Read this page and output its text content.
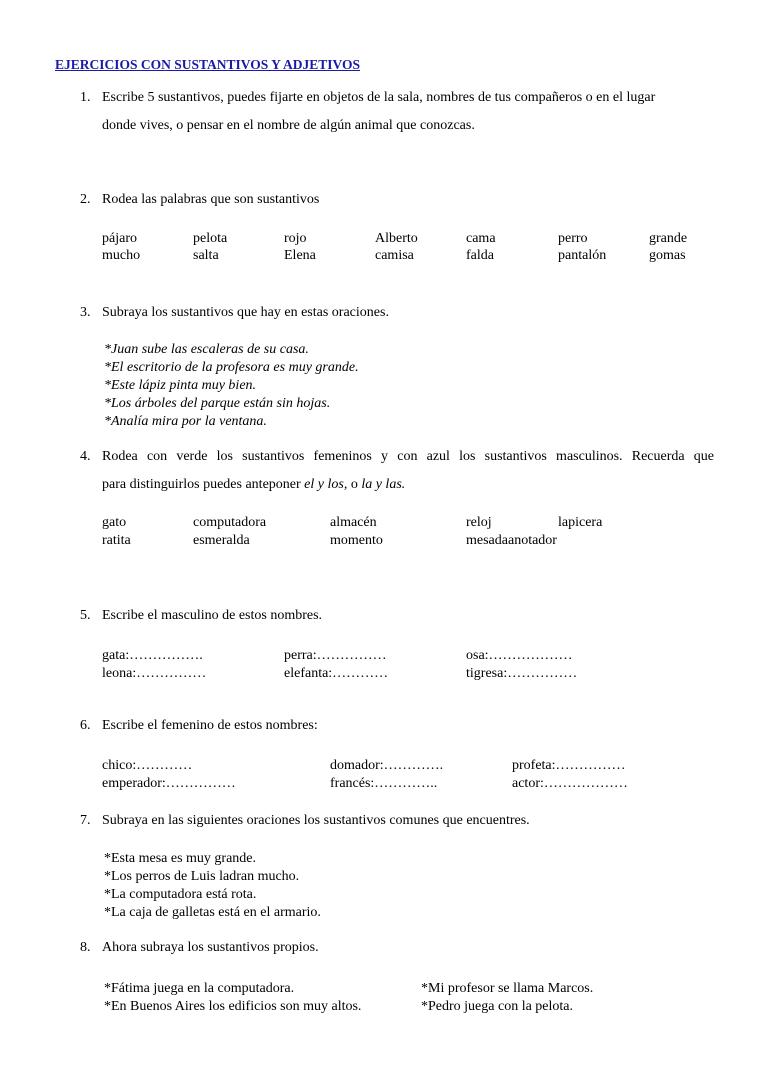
EJERCICIOS CON SUSTANTIVOS Y ADJETIVOS
1. Escribe 5 sustantivos, puedes fijarte en objetos de la sala, nombres de tus compañeros o en el lugar
donde vives, o pensar en el nombre de algún animal que conozcas.
2. Rodea las palabras que son sustantivos
pájaro	pelota	rojo	Alberto	cama	perro	grande
mucho	salta	Elena	camisa	falda	pantalón	gomas
3. Subraya los sustantivos que hay en estas oraciones.
*Juan sube las escaleras de su casa.
*El escritorio de la profesora es muy grande.
*Este lápiz pinta muy bien.
*Los árboles del parque están sin hojas.
*Analía mira por la ventana.
4. Rodea con verde los sustantivos femeninos y con azul los sustantivos masculinos. Recuerda que
para distinguirlos puedes anteponer el y los, o la y las.
gato	computadora	almacén	reloj	lapicera
ratita	esmeralda	momento	mesadaanotador
5. Escribe el masculino de estos nombres.
gata:…………….	perra:……………	osa:………………
leona:……………	elefanta:…………	tigresa:……………
6. Escribe el femenino de estos nombres:
chico:…………	domador:………….	profeta:……………
emperador:……………	francés:…………..	actor:………………
7. Subraya en las siguientes oraciones los sustantivos comunes que encuentres.
*Esta mesa es muy grande.
*Los perros de Luis ladran mucho.
*La computadora está rota.
*La caja de galletas está en el armario.
8. Ahora subraya los sustantivos propios.
*Fátima juega en la computadora.
*En Buenos Aires los edificios son muy altos.
*Mi profesor se llama Marcos.
*Pedro juega con la pelota.
